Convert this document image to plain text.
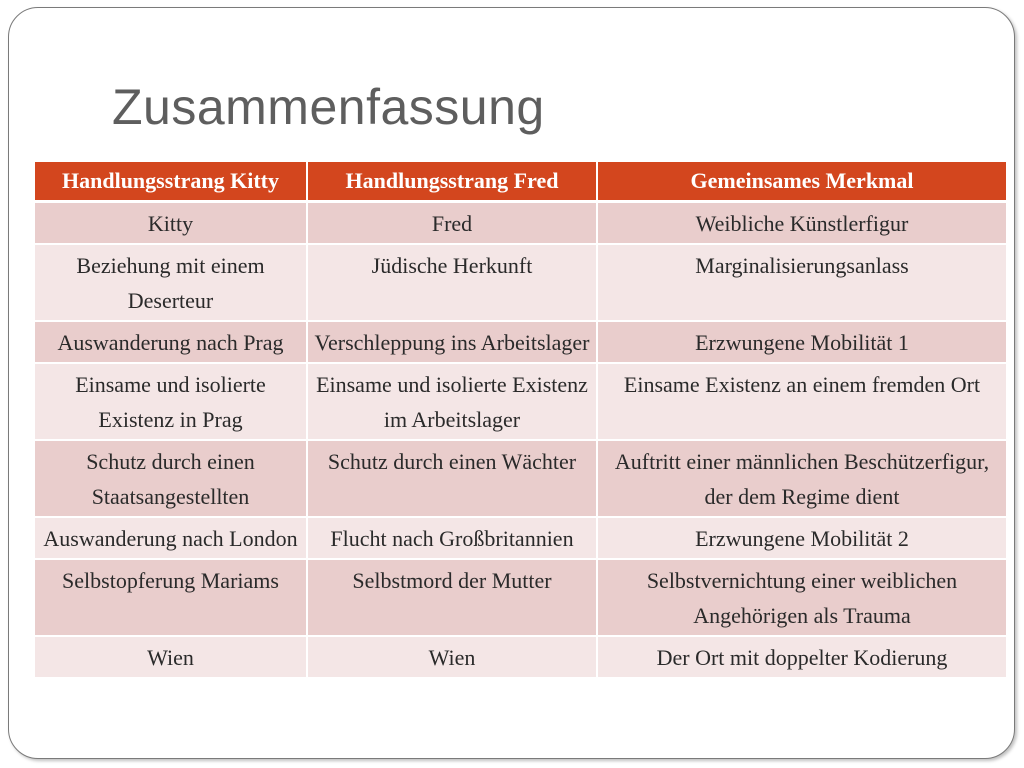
Zusammenfassung
Handlungsstrang Kitty	Handlungsstrang Fred	Gemeinsames Merkmal
Kitty	Fred	Weibliche Künstlerfigur
Beziehung mit einem Deserteur	Jüdische Herkunft	Marginalisierungsanlass
Auswanderung nach Prag	Verschleppung ins Arbeitslager	Erzwungene Mobilität 1
Einsame und isolierte Existenz in Prag	Einsame und isolierte Existenz im Arbeitslager	Einsame Existenz an einem fremden Ort
Schutz durch einen Staatsangestellten	Schutz durch einen Wächter	Auftritt einer männlichen Beschützerfigur, der dem Regime dient
Auswanderung nach London	Flucht nach Großbritannien	Erzwungene Mobilität 2
Selbstopferung Mariams	Selbstmord der Mutter	Selbstvernichtung einer weiblichen Angehörigen als Trauma
Wien	Wien	Der Ort mit doppelter Kodierung
